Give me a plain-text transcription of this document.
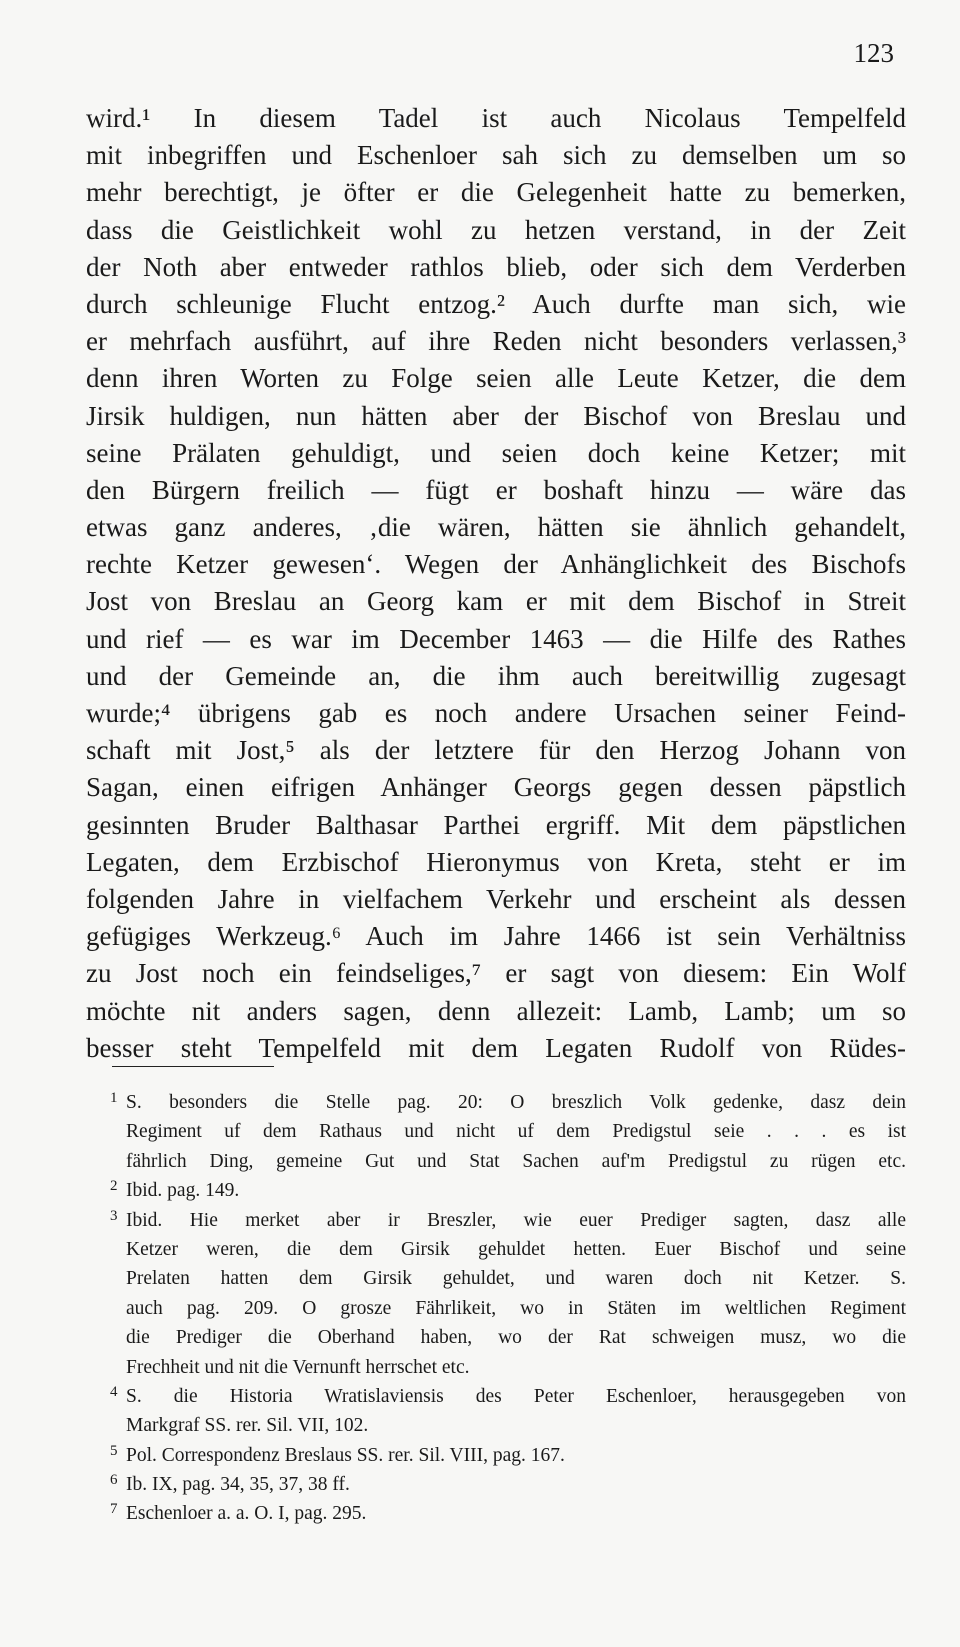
123
wird.¹ In diesem Tadel ist auch Nicolaus Tempelfeld
mit inbegriffen und Eschenloer sah sich zu demselben um so
mehr berechtigt, je öfter er die Gelegenheit hatte zu bemerken,
dass die Geistlichkeit wohl zu hetzen verstand, in der Zeit
der Noth aber entweder rathlos blieb, oder sich dem Verderben
durch schleunige Flucht entzog.² Auch durfte man sich, wie
er mehrfach ausführt, auf ihre Reden nicht besonders verlassen,³
denn ihren Worten zu Folge seien alle Leute Ketzer, die dem
Jirsik huldigen, nun hätten aber der Bischof von Breslau und
seine Prälaten gehuldigt, und seien doch keine Ketzer; mit
den Bürgern freilich — fügt er boshaft hinzu — wäre das
etwas ganz anderes, ‚die wären, hätten sie ähnlich gehandelt,
rechte Ketzer gewesen‘. Wegen der Anhänglichkeit des Bischofs
Jost von Breslau an Georg kam er mit dem Bischof in Streit
und rief — es war im December 1463 — die Hilfe des Rathes
und der Gemeinde an, die ihm auch bereitwillig zugesagt
wurde;⁴ übrigens gab es noch andere Ursachen seiner Feind-
schaft mit Jost,⁵ als der letztere für den Herzog Johann von
Sagan, einen eifrigen Anhänger Georgs gegen dessen päpstlich
gesinnten Bruder Balthasar Parthei ergriff. Mit dem päpstlichen
Legaten, dem Erzbischof Hieronymus von Kreta, steht er im
folgenden Jahre in vielfachem Verkehr und erscheint als dessen
gefügiges Werkzeug.⁶ Auch im Jahre 1466 ist sein Verhältniss
zu Jost noch ein feindseliges,⁷ er sagt von diesem: Ein Wolf
möchte nit anders sagen, denn allezeit: Lamb, Lamb; um so
besser steht Tempelfeld mit dem Legaten Rudolf von Rüdes-
1 S. besonders die Stelle pag. 20: O breszlich Volk gedenke, dasz dein
Regiment uf dem Rathaus und nicht uf dem Predigstul seie . . . es ist
fährlich Ding, gemeine Gut und Stat Sachen auf'm Predigstul zu rügen etc.
2 Ibid. pag. 149.
3 Ibid. Hie merket aber ir Breszler, wie euer Prediger sagten, dasz alle
Ketzer weren, die dem Girsik gehuldet hetten. Euer Bischof und seine
Prelaten hatten dem Girsik gehuldet, und waren doch nit Ketzer. S.
auch pag. 209. O grosze Fährlikeit, wo in Stäten im weltlichen Regiment
die Prediger die Oberhand haben, wo der Rat schweigen musz, wo die
Frechheit und nit die Vernunft herrschet etc.
4 S. die Historia Wratislaviensis des Peter Eschenloer, herausgegeben von
Markgraf SS. rer. Sil. VII, 102.
5 Pol. Correspondenz Breslaus SS. rer. Sil. VIII, pag. 167.
6 Ib. IX, pag. 34, 35, 37, 38 ff.
7 Eschenloer a. a. O. I, pag. 295.
